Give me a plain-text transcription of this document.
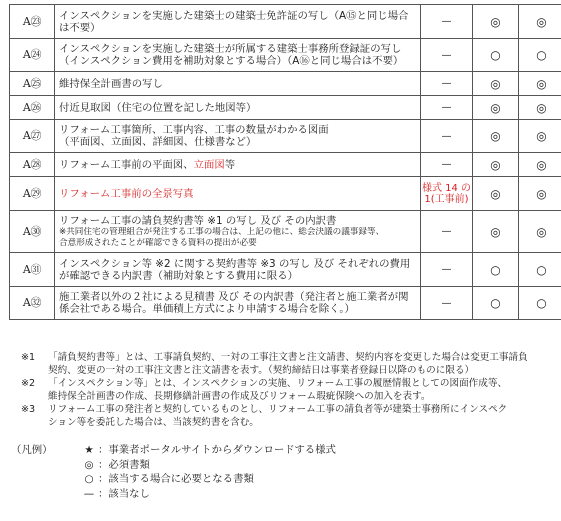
A㉓	インスペクションを実施した建築士の建築士免許証の写し（A⑮と同じ場合
は不要）	—	◎	◎
A㉔	インスペクションを実施した建築士が所属する建築士事務所登録証の写し
（インスペクション費用を補助対象とする場合）（A⑯と同じ場合は不要）	—	○	○
A㉕	維持保全計画書の写し	—	◎	◎
A㉖	付近見取図（住宅の位置を記した地図等）	—	◎	◎
A㉗	リフォーム工事箇所、工事内容、工事の数量がわかる図面
（平面図、立面図、詳細図、仕様書など）	—	◎	◎
A㉘	リフォーム工事前の平面図、立面図等	—	◎	◎
A㉙	リフォーム工事前の全景写真	様式 14 の
1(工事前)	◎	◎
A㉚	リフォーム工事の請負契約書等 ※1 の写し 及び その内訳書
※共同住宅の管理組合が発注する工事の場合は、上記の他に、総会決議の議事録等、
合意形成されたことが確認できる資料の提出が必要	—	◎	◎
A㉛	インスペクション等 ※2 に関する契約書等 ※3 の写し 及び それぞれの費用
が確認できる内訳書（補助対象とする費用に限る）	—	○	○
A㉜	施工業者以外の２社による見積書 及び その内訳書（発注者と施工業者が関
係会社である場合。単価積上方式により申請する場合を除く。）	—	○	○
※1 「請負契約書等」とは、工事請負契約、一対の工事注文書と注文請書、契約内容を変更した場合は変更工事請負
契約、変更の一対の工事注文書と注文請書を表す。（契約締結日は事業者登録日以降のものに限る）
※2 「インスペクション等」とは、インスペクションの実施、リフォーム工事の履歴情報としての図面作成等、
維持保全計画書の作成、長期修繕計画書の作成及びリフォーム瑕疵保険への加入を表す。
※3 リフォーム工事の発注者と契約しているものとし、リフォーム工事の請負者等が建築士事務所にインスペク
ション等を委託した場合は、当該契約書を含む。
（凡例）	★ ：事業者ポータルサイトからダウンロードする様式
◎ ：必須書類
○ ：該当する場合に必要となる書類
— ：該当なし
